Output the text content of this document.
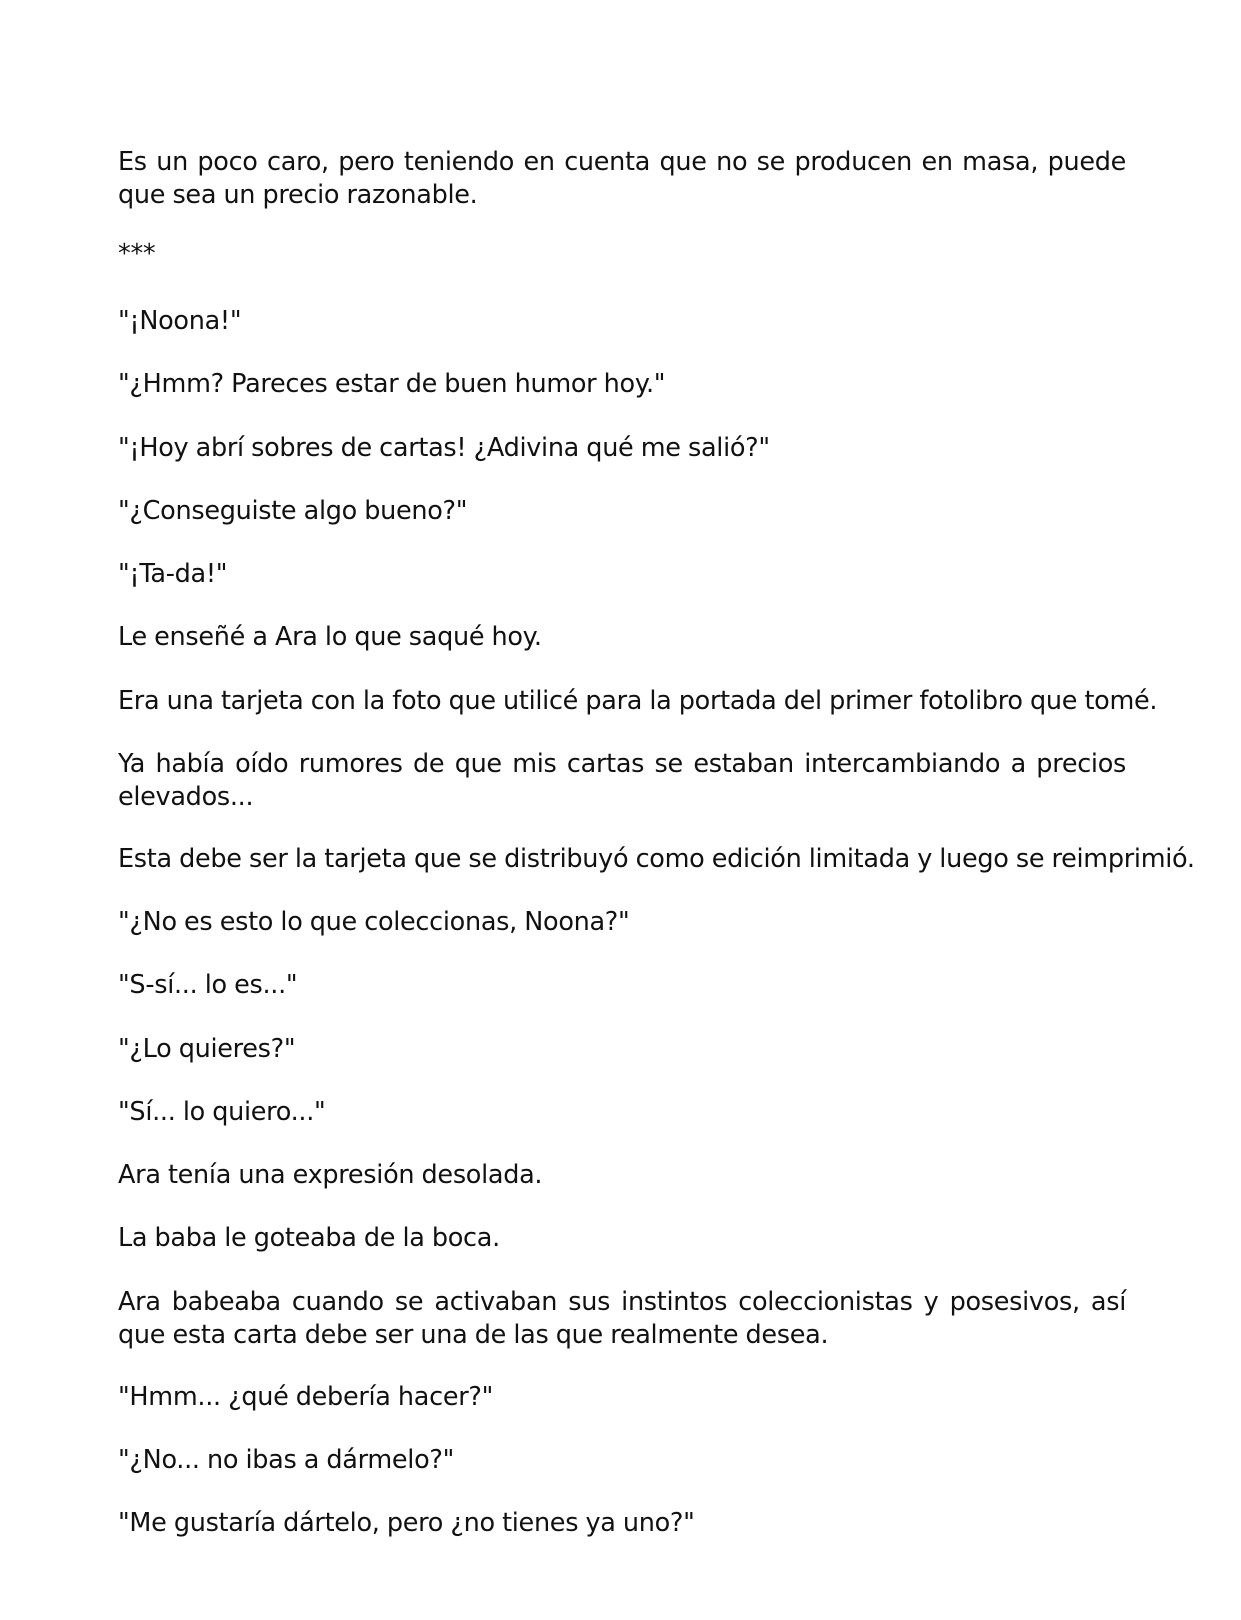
Es un poco caro, pero teniendo en cuenta que no se producen en masa, puede que sea un precio razonable.

***

"¡Noona!"

"¿Hmm? Pareces estar de buen humor hoy."

"¡Hoy abrí sobres de cartas! ¿Adivina qué me salió?"

"¿Conseguiste algo bueno?"

"¡Ta-da!"

Le enseñé a Ara lo que saqué hoy.

Era una tarjeta con la foto que utilicé para la portada del primer fotolibro que tomé.

Ya había oído rumores de que mis cartas se estaban intercambiando a precios elevados...

Esta debe ser la tarjeta que se distribuyó como edición limitada y luego se reimprimió.

"¿No es esto lo que coleccionas, Noona?"

"S-sí... lo es..."

"¿Lo quieres?"

"Sí... lo quiero..."

Ara tenía una expresión desolada.

La baba le goteaba de la boca.

Ara babeaba cuando se activaban sus instintos coleccionistas y posesivos, así que esta carta debe ser una de las que realmente desea.

"Hmm... ¿qué debería hacer?"

"¿No... no ibas a dármelo?"

"Me gustaría dártelo, pero ¿no tienes ya uno?"
